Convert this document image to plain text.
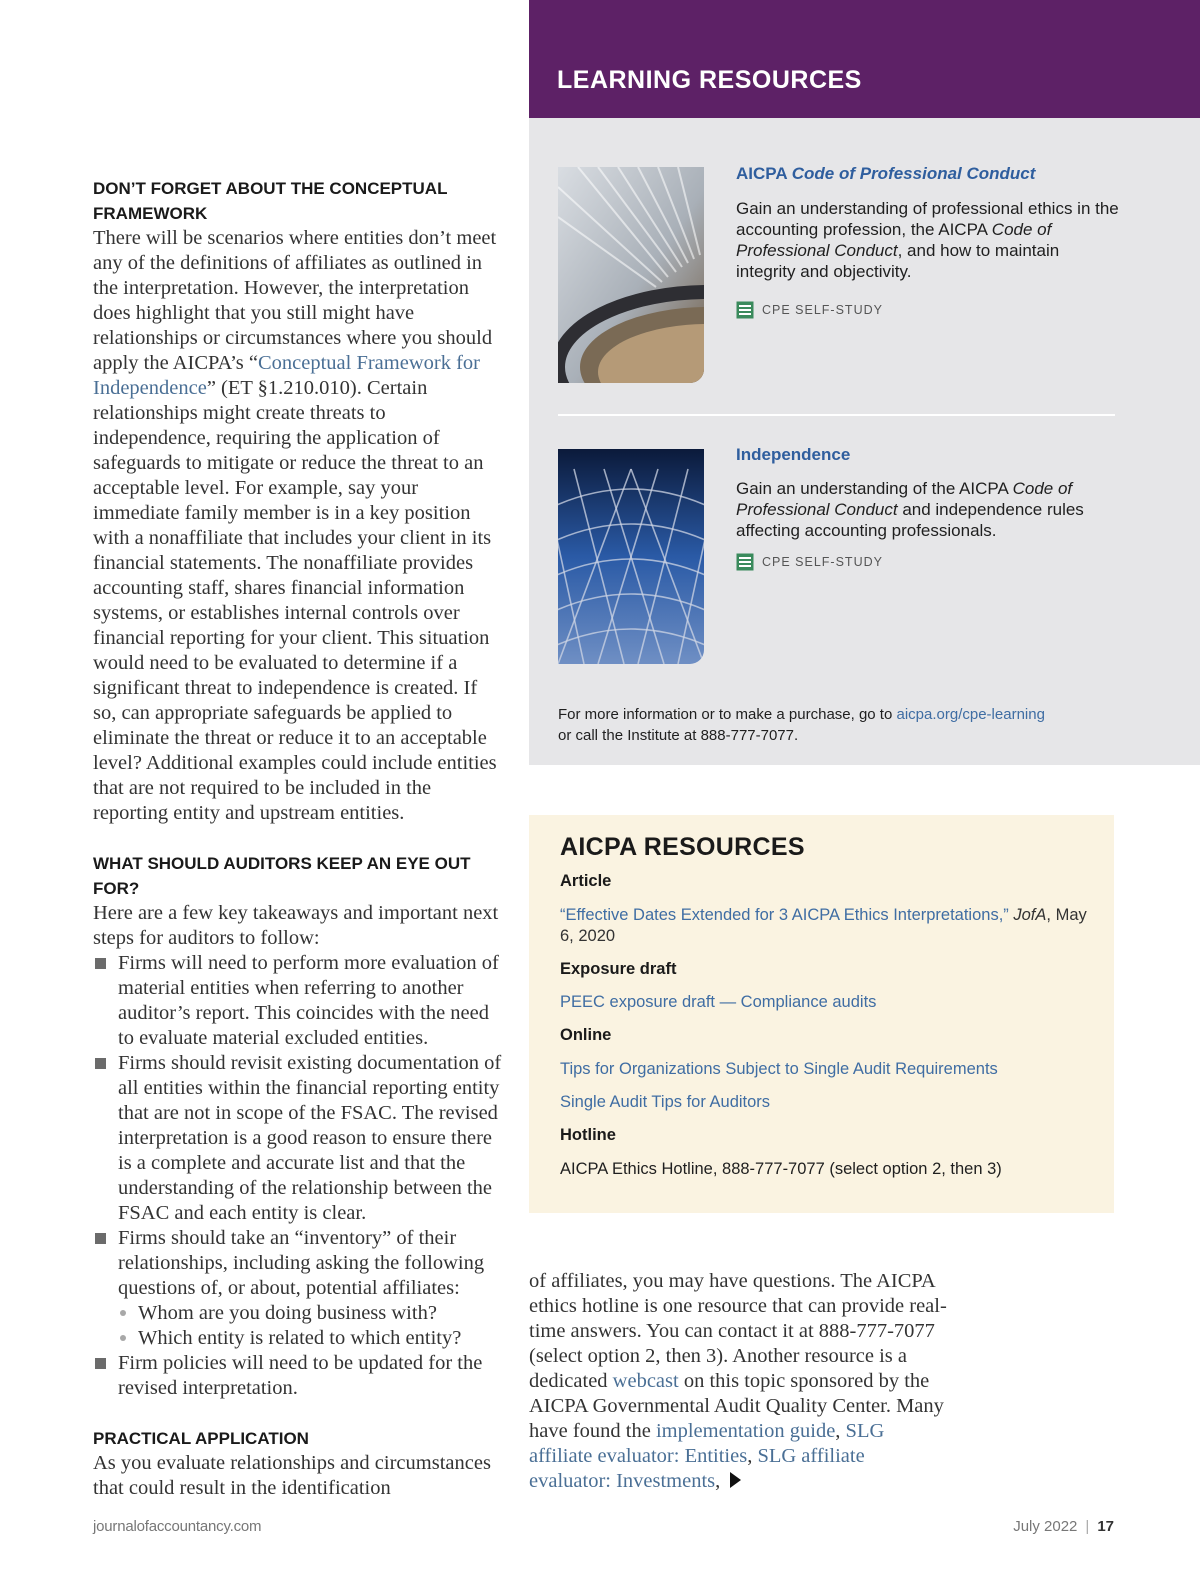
DON’T FORGET ABOUT THE CONCEPTUAL FRAMEWORK

There will be scenarios where entities don’t meet any of the definitions of affiliates as outlined in the interpretation. However, the interpretation does highlight that you still might have relationships or circumstances where you should apply the AICPA’s “Conceptual Framework for Independence” (ET §1.210.010). Certain relationships might create threats to independence, requiring the application of safeguards to mitigate or reduce the threat to an acceptable level. For example, say your immediate family member is in a key position with a nonaffiliate that includes your client in its financial statements. The nonaffiliate provides accounting staff, shares financial information systems, or establishes internal controls over financial reporting for your client. This situation would need to be evaluated to determine if a significant threat to independence is created. If so, can appropriate safeguards be applied to eliminate the threat or reduce it to an acceptable level? Additional examples could include entities that are not required to be included in the reporting entity and upstream entities.

WHAT SHOULD AUDITORS KEEP AN EYE OUT FOR?

Here are a few key takeaways and important next steps for auditors to follow:

Firms will need to perform more evaluation of material entities when referring to another auditor’s report. This coincides with the need to evaluate material excluded entities.
Firms should revisit existing documentation of all entities within the financial reporting entity that are not in scope of the FSAC. The revised interpretation is a good reason to ensure there is a complete and accurate list and that the understanding of the relationship between the FSAC and each entity is clear.
Firms should take an “inventory” of their relationships, including asking the following questions of, or about, potential affiliates:
Whom are you doing business with?
Which entity is related to which entity?
Firm policies will need to be updated for the revised interpretation.
PRACTICAL APPLICATION

As you evaluate relationships and circumstances that could result in the identification

LEARNING RESOURCES
AICPA Code of Professional Conduct
Gain an understanding of professional ethics in the accounting profession, the AICPA Code of Professional Conduct, and how to maintain integrity and objectivity.
CPE SELF-STUDY
Independence
Gain an understanding of the AICPA Code of Professional Conduct and independence rules affecting accounting professionals.
CPE SELF-STUDY
For more information or to make a purchase, go to aicpa.org/cpe-learning
or call the Institute at 888-777-7077.
AICPA RESOURCES
Article
“Effective Dates Extended for 3 AICPA Ethics Interpretations,” JofA, May 6, 2020
Exposure draft
PEEC exposure draft — Compliance audits
Online
Tips for Organizations Subject to Single Audit Requirements
Single Audit Tips for Auditors
Hotline
AICPA Ethics Hotline, 888-777-7077 (select option 2, then 3)

of affiliates, you may have questions. The AICPA ethics hotline is one resource that can provide real-time answers. You can contact it at 888-777-7077 (select option 2, then 3). Another resource is a dedicated webcast on this topic sponsored by the AICPA Governmental Audit Quality Center. Many have found the implementation guide, SLG affiliate evaluator: Entities, SLG affiliate evaluator: Investments,

journalofaccountancy.com	July 2022 | 17
